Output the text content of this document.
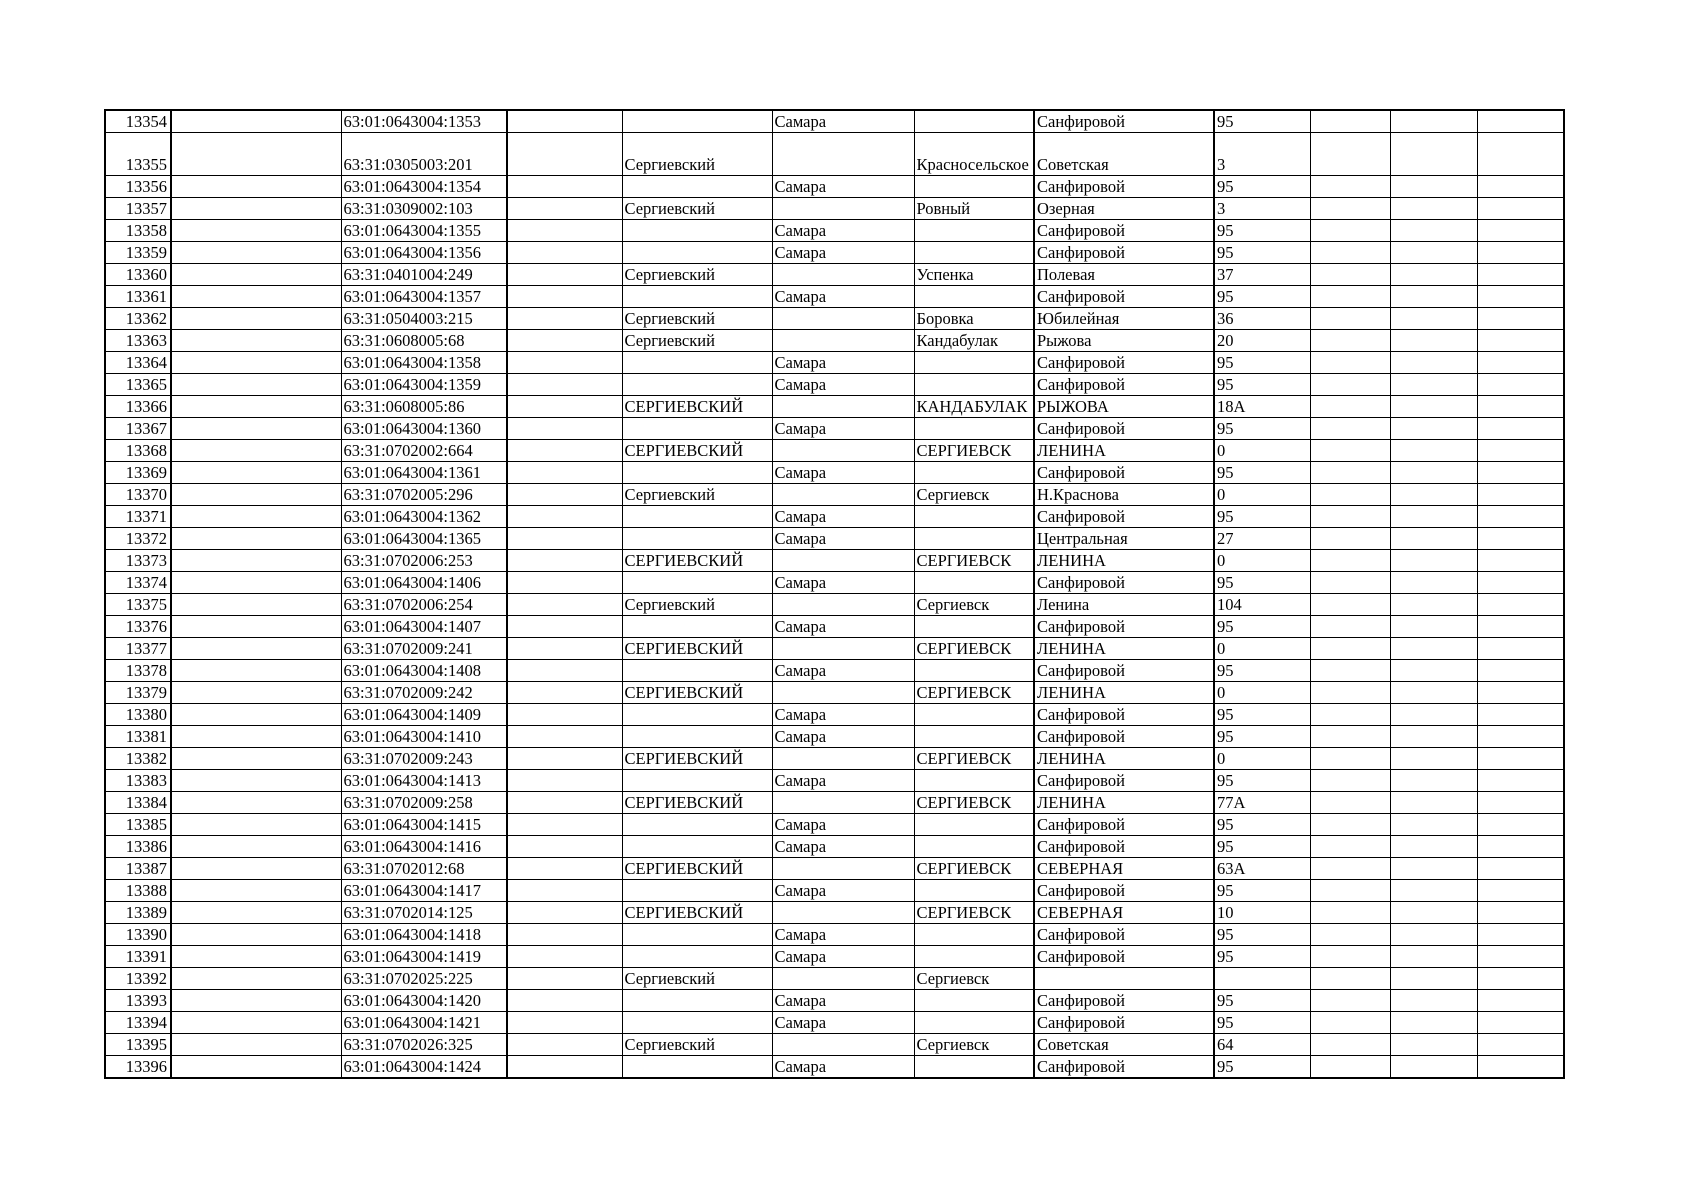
13354		63:01:0643004:1353			Самара		Санфировой	95			
13355		63:31:0305003:201		Сергиевский		Красносельское	Советская	3			
13356		63:01:0643004:1354			Самара		Санфировой	95			
13357		63:31:0309002:103		Сергиевский		Ровный	Озерная	3			
13358		63:01:0643004:1355			Самара		Санфировой	95			
13359		63:01:0643004:1356			Самара		Санфировой	95			
13360		63:31:0401004:249		Сергиевский		Успенка	Полевая	37			
13361		63:01:0643004:1357			Самара		Санфировой	95			
13362		63:31:0504003:215		Сергиевский		Боровка	Юбилейная	36			
13363		63:31:0608005:68		Сергиевский		Кандабулак	Рыжова	20			
13364		63:01:0643004:1358			Самара		Санфировой	95			
13365		63:01:0643004:1359			Самара		Санфировой	95			
13366		63:31:0608005:86		СЕРГИЕВСКИЙ		КАНДАБУЛАК	РЫЖОВА	18А			
13367		63:01:0643004:1360			Самара		Санфировой	95			
13368		63:31:0702002:664		СЕРГИЕВСКИЙ		СЕРГИЕВСК	ЛЕНИНА	0			
13369		63:01:0643004:1361			Самара		Санфировой	95			
13370		63:31:0702005:296		Сергиевский		Сергиевск	Н.Краснова	0			
13371		63:01:0643004:1362			Самара		Санфировой	95			
13372		63:01:0643004:1365			Самара		Центральная	27			
13373		63:31:0702006:253		СЕРГИЕВСКИЙ		СЕРГИЕВСК	ЛЕНИНА	0			
13374		63:01:0643004:1406			Самара		Санфировой	95			
13375		63:31:0702006:254		Сергиевский		Сергиевск	Ленина	104			
13376		63:01:0643004:1407			Самара		Санфировой	95			
13377		63:31:0702009:241		СЕРГИЕВСКИЙ		СЕРГИЕВСК	ЛЕНИНА	0			
13378		63:01:0643004:1408			Самара		Санфировой	95			
13379		63:31:0702009:242		СЕРГИЕВСКИЙ		СЕРГИЕВСК	ЛЕНИНА	0			
13380		63:01:0643004:1409			Самара		Санфировой	95			
13381		63:01:0643004:1410			Самара		Санфировой	95			
13382		63:31:0702009:243		СЕРГИЕВСКИЙ		СЕРГИЕВСК	ЛЕНИНА	0			
13383		63:01:0643004:1413			Самара		Санфировой	95			
13384		63:31:0702009:258		СЕРГИЕВСКИЙ		СЕРГИЕВСК	ЛЕНИНА	77А			
13385		63:01:0643004:1415			Самара		Санфировой	95			
13386		63:01:0643004:1416			Самара		Санфировой	95			
13387		63:31:0702012:68		СЕРГИЕВСКИЙ		СЕРГИЕВСК	СЕВЕРНАЯ	63А			
13388		63:01:0643004:1417			Самара		Санфировой	95			
13389		63:31:0702014:125		СЕРГИЕВСКИЙ		СЕРГИЕВСК	СЕВЕРНАЯ	10			
13390		63:01:0643004:1418			Самара		Санфировой	95			
13391		63:01:0643004:1419			Самара		Санфировой	95			
13392		63:31:0702025:225		Сергиевский		Сергиевск					
13393		63:01:0643004:1420			Самара		Санфировой	95			
13394		63:01:0643004:1421			Самара		Санфировой	95			
13395		63:31:0702026:325		Сергиевский		Сергиевск	Советская	64			
13396		63:01:0643004:1424			Самара		Санфировой	95			
